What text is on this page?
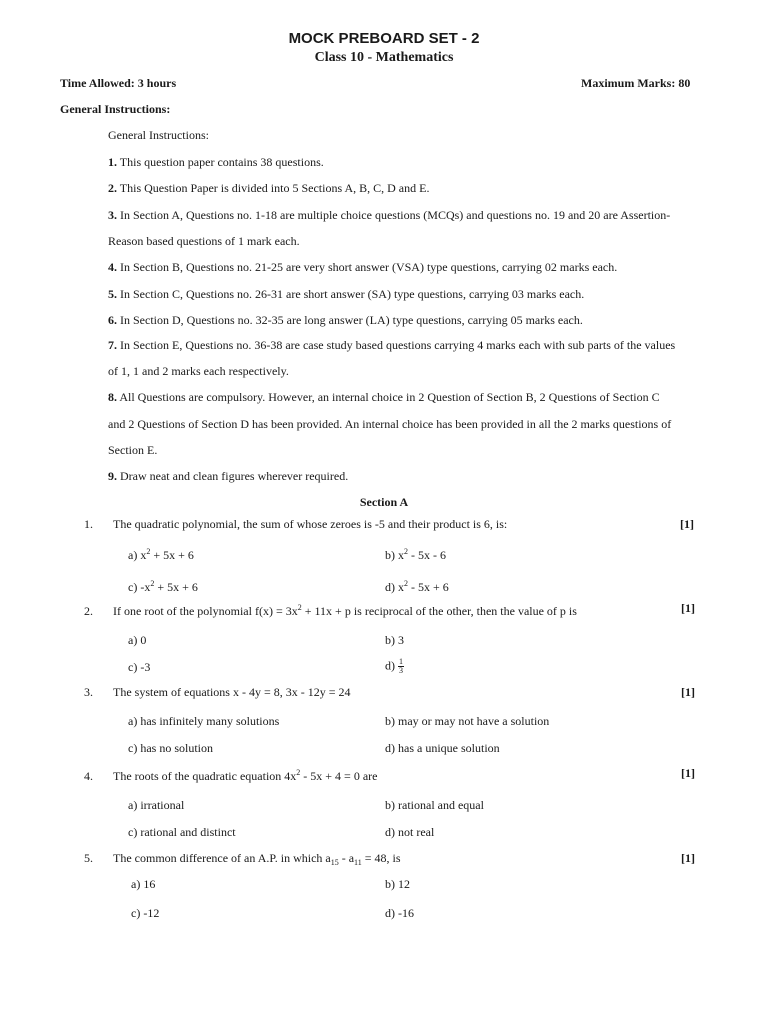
MOCK PREBOARD SET - 2
Class 10 - Mathematics
Time Allowed: 3 hours	Maximum Marks: 80
General Instructions:
General Instructions:
1. This question paper contains 38 questions.
2. This Question Paper is divided into 5 Sections A, B, C, D and E.
3. In Section A, Questions no. 1-18 are multiple choice questions (MCQs) and questions no. 19 and 20 are Assertion-
Reason based questions of 1 mark each.
4. In Section B, Questions no. 21-25 are very short answer (VSA) type questions, carrying 02 marks each.
5. In Section C, Questions no. 26-31 are short answer (SA) type questions, carrying 03 marks each.
6. In Section D, Questions no. 32-35 are long answer (LA) type questions, carrying 05 marks each.
7. In Section E, Questions no. 36-38 are case study based questions carrying 4 marks each with sub parts of the values
of 1, 1 and 2 marks each respectively.
8. All Questions are compulsory. However, an internal choice in 2 Question of Section B, 2 Questions of Section C
and 2 Questions of Section D has been provided. An internal choice has been provided in all the 2 marks questions of
Section E.
9. Draw neat and clean figures wherever required.
Section A
1. The quadratic polynomial, the sum of whose zeroes is -5 and their product is 6, is:	[1]
a) $x^2 + 5x + 6$	b) $x^2 - 5x - 6$
c) $-x^2 + 5x + 6$	d) $x^2 - 5x + 6$
2. If one root of the polynomial $f(x) = 3x^2 + 11x + p$ is reciprocal of the other, then the value of p is	[1]
a) 0	b) 3
c) -3	$d) \frac{1}{3}$
3. The system of equations x - 4y = 8, 3x - 12y = 24	[1]
a) has infinitely many solutions	b) may or may not have a solution
c) has no solution	d) has a unique solution
4. The roots of the quadratic equation $4x^2 - 5x + 4 = 0$ are	[1]
a) irrational	b) rational and equal
c) rational and distinct	d) not real
5. The common difference of an A.P. in which $a_{15} - a_{11} = 48$, is	[1]
a) 16	b) 12
c) -12	d) -16
